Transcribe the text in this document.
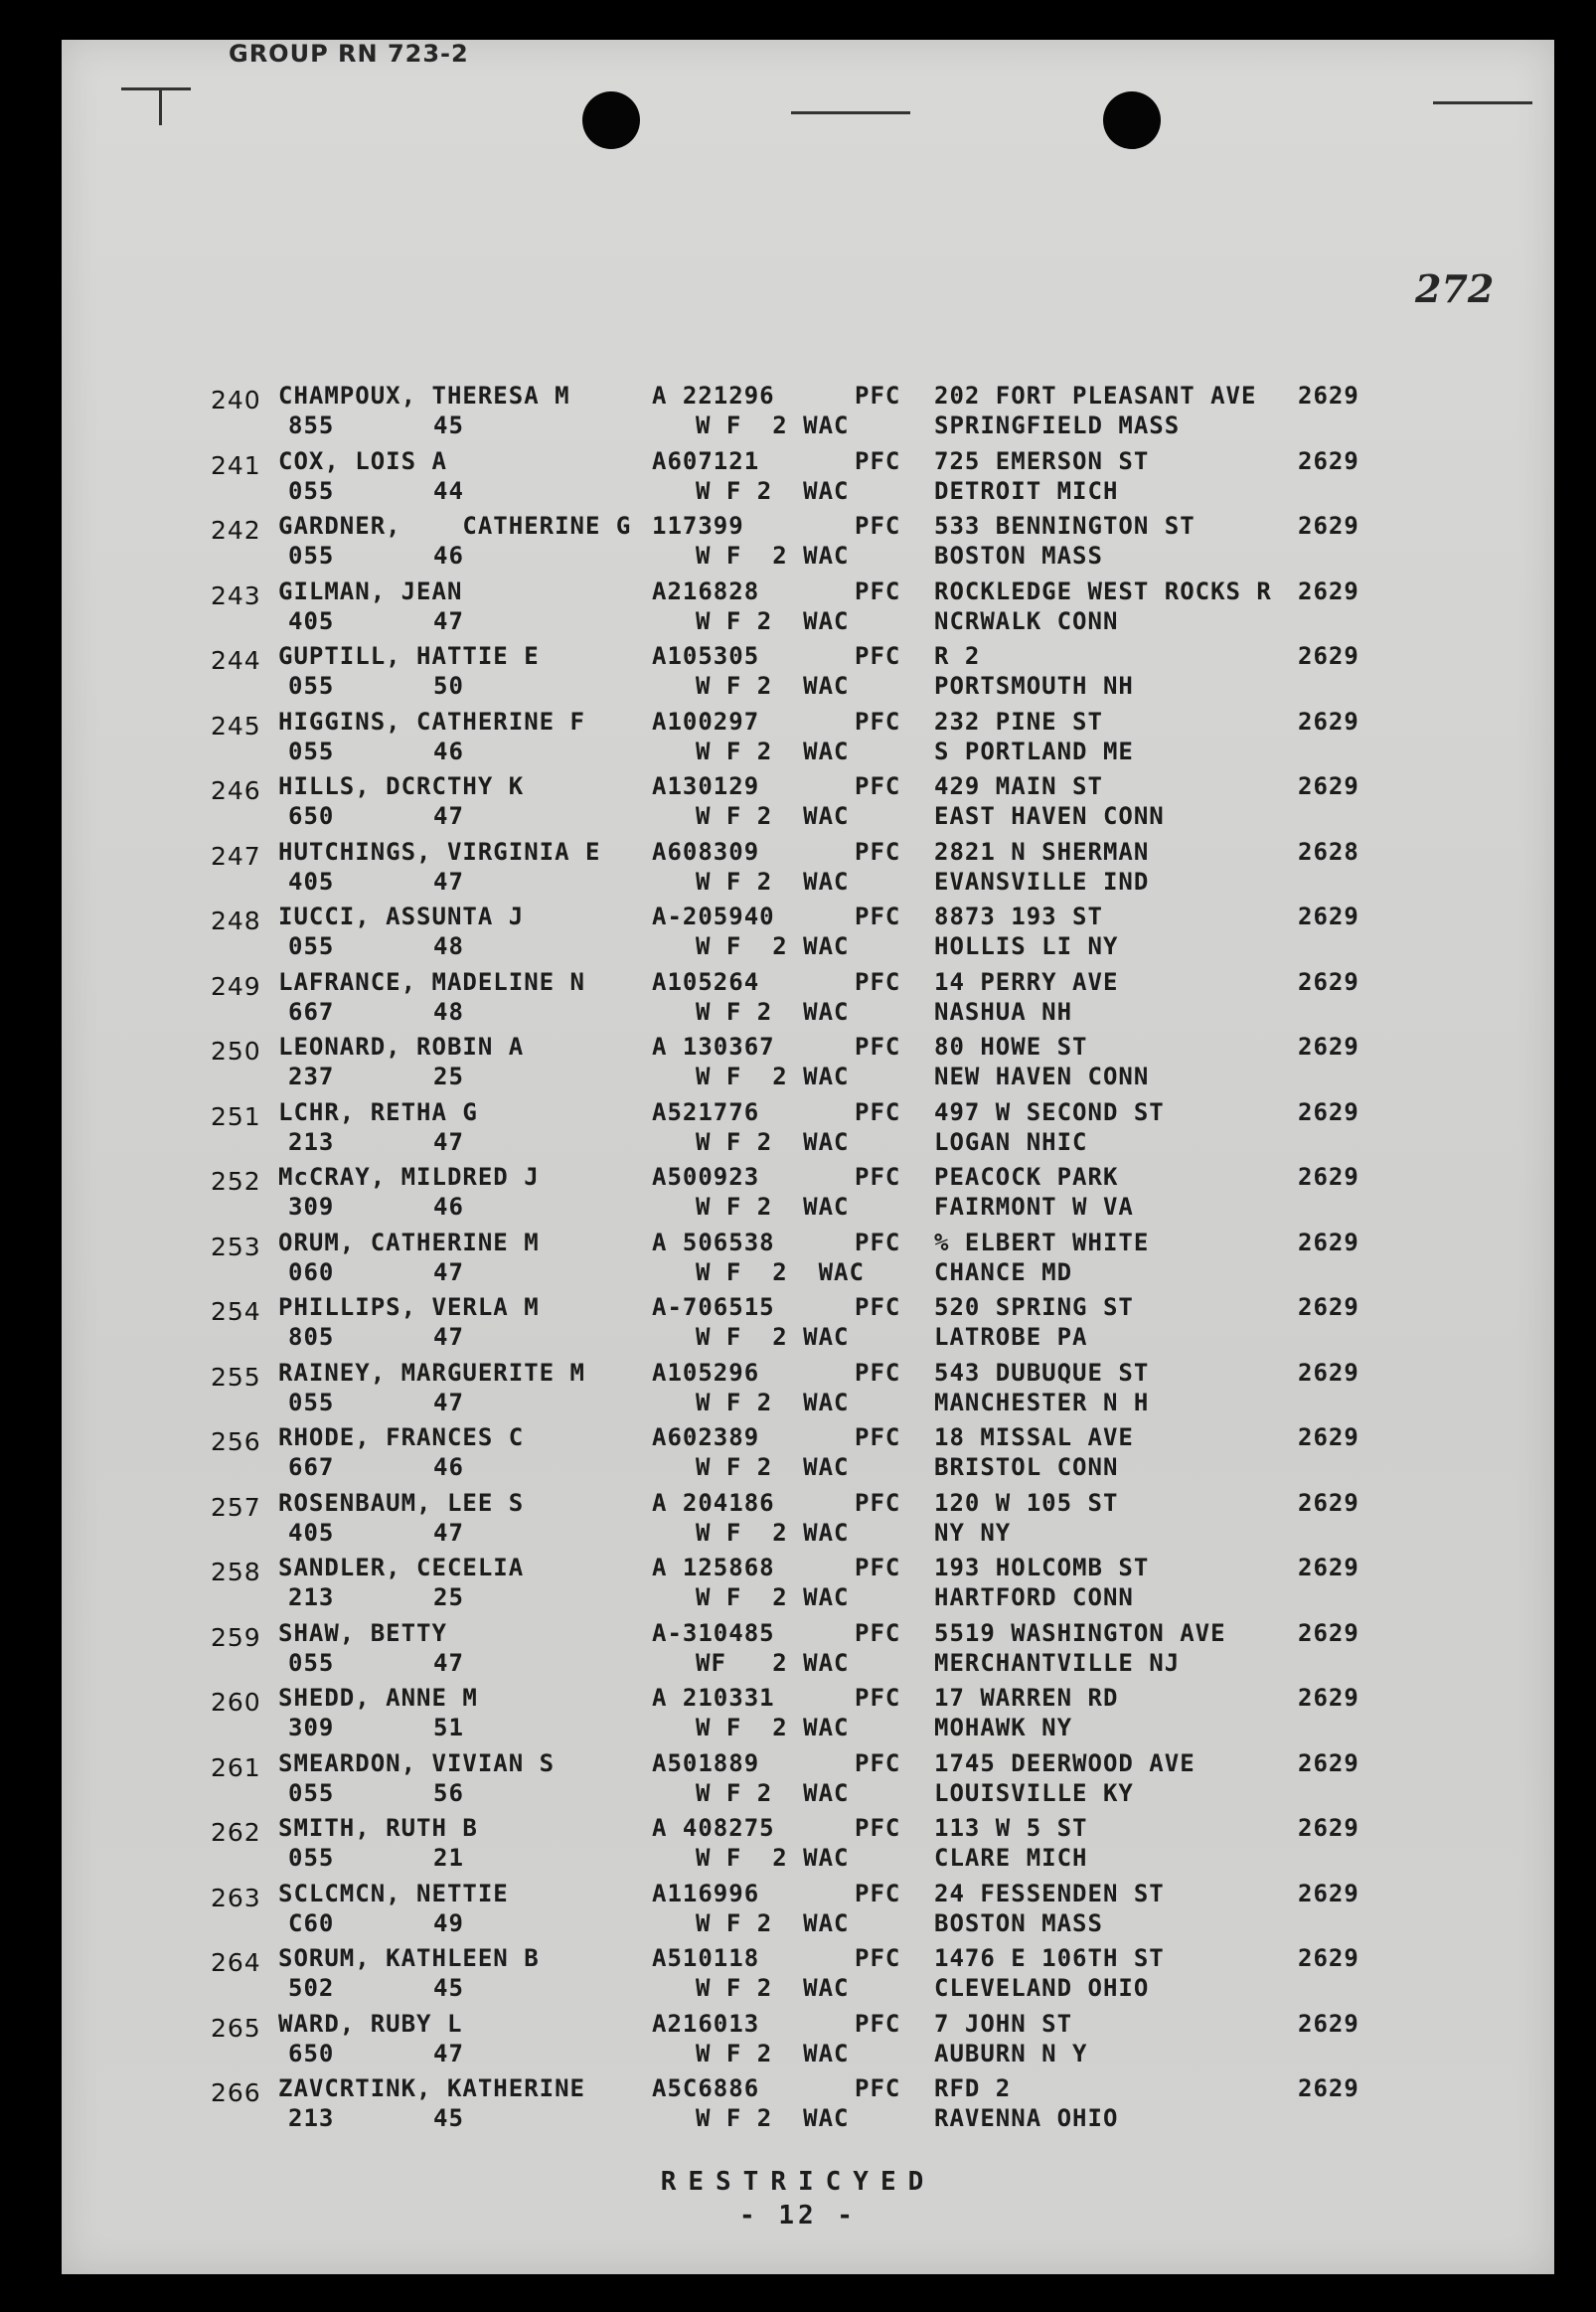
GROUP RN 723-2
272
240 CHAMPOUX, THERESA M	A 221296	PFC 202 FORT PLEASANT AVE 2629
855	45	W F  2 WAC	SPRINGFIELD MASS
241 COX, LOIS A	A607121	PFC 725 EMERSON ST	2629
055	44	W F 2  WAC	DETROIT MICH
242 GARDNER,    CATHERINE G 117399	PFC 533 BENNINGTON ST	2629
055	46	W F  2 WAC	BOSTON MASS
243 GILMAN, JEAN	A216828	PFC ROCKLEDGE WEST ROCKS R 2629
405	47	W F 2  WAC	NCRWALK CONN
244 GUPTILL, HATTIE E	A105305	PFC R 2	2629
055	50	W F 2  WAC	PORTSMOUTH NH
245 HIGGINS, CATHERINE F	A100297	PFC 232 PINE ST	2629
055	46	W F 2  WAC	S PORTLAND ME
246 HILLS, DCRCTHY K	A130129	PFC 429 MAIN ST	2629
650	47	W F 2  WAC	EAST HAVEN CONN
247 HUTCHINGS, VIRGINIA E A608309	PFC 2821 N SHERMAN	2628
405	47	W F 2  WAC	EVANSVILLE IND
248 IUCCI, ASSUNTA J	A-205940	PFC 8873 193 ST	2629
055	48	W F  2 WAC	HOLLIS LI NY
249 LAFRANCE, MADELINE N	A105264	PFC 14 PERRY AVE	2629
667	48	W F 2  WAC	NASHUA NH
250 LEONARD, ROBIN A	A 130367	PFC 80 HOWE ST	2629
237	25	W F  2 WAC	NEW HAVEN CONN
251 LCHR, RETHA G	A521776	PFC 497 W SECOND ST	2629
213	47	W F 2  WAC	LOGAN NHIC
252 McCRAY, MILDRED J	A500923	PFC PEACOCK PARK	2629
309	46	W F 2  WAC	FAIRMONT W VA
253 ORUM, CATHERINE M	A 506538	PFC % ELBERT WHITE	2629
060	47	W F  2  WAC	CHANCE MD
254 PHILLIPS, VERLA M	A-706515	PFC 520 SPRING ST	2629
805	47	W F  2 WAC	LATROBE PA
255 RAINEY, MARGUERITE M	A105296	PFC 543 DUBUQUE ST	2629
055	47	W F 2  WAC	MANCHESTER N H
256 RHODE, FRANCES C	A602389	PFC 18 MISSAL AVE	2629
667	46	W F 2  WAC	BRISTOL CONN
257 ROSENBAUM, LEE S	A 204186	PFC 120 W 105 ST	2629
405	47	W F  2 WAC	NY NY
258 SANDLER, CECELIA	A 125868	PFC 193 HOLCOMB ST	2629
213	25	W F  2 WAC	HARTFORD CONN
259 SHAW, BETTY	A-310485	PFC 5519 WASHINGTON AVE	2629
055	47	WF   2 WAC	MERCHANTVILLE NJ
260 SHEDD, ANNE M	A 210331	PFC 17 WARREN RD	2629
309	51	W F  2 WAC	MOHAWK NY
261 SMEARDON, VIVIAN S	A501889	PFC 1745 DEERWOOD AVE	2629
055	56	W F 2  WAC	LOUISVILLE KY
262 SMITH, RUTH B	A 408275	PFC 113 W 5 ST	2629
055	21	W F  2 WAC	CLARE MICH
263 SCLCMCN, NETTIE	A116996	PFC 24 FESSENDEN ST	2629
C60	49	W F 2  WAC	BOSTON MASS
264 SORUM, KATHLEEN B	A510118	PFC 1476 E 106TH ST	2629
502	45	W F 2  WAC	CLEVELAND OHIO
265 WARD, RUBY L	A216013	PFC 7 JOHN ST	2629
650	47	W F 2  WAC	AUBURN N Y
266 ZAVCRTINK, KATHERINE	A5C6886	PFC RFD 2	2629
213	45	W F 2  WAC	RAVENNA OHIO
RESTRICYED
- 12 -
